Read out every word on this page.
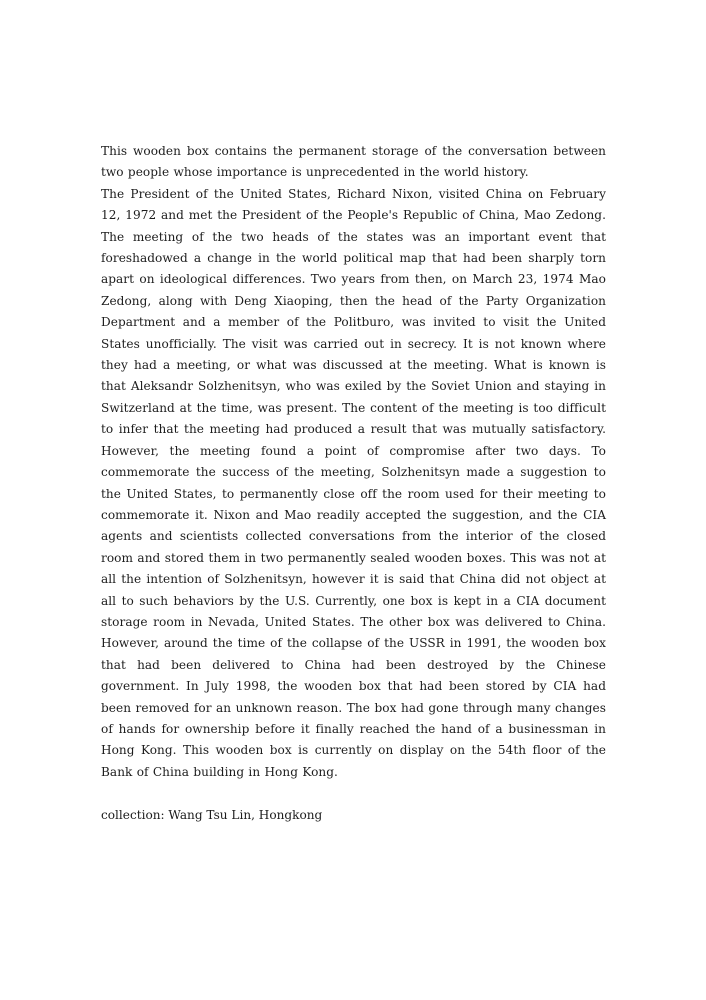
This wooden box contains the permanent storage of the conversation between two people whose importance is unprecedented in the world history.

The President of the United States, Richard Nixon, visited China on February 12, 1972 and met the President of the People's Republic of China, Mao Zedong. The meeting of the two heads of the states was an important event that foreshadowed a change in the world political map that had been sharply torn apart on ideological differences. Two years from then, on March 23, 1974 Mao Zedong, along with Deng Xiaoping, then the head of the Party Organization Department and a member of the Politburo, was invited to visit the United States unofficially. The visit was carried out in secrecy. It is not known where they had a meeting, or what was discussed at the meeting. What is known is that Aleksandr Solzhenitsyn, who was exiled by the Soviet Union and staying in Switzerland at the time, was present. The content of the meeting is too difficult to infer that the meeting had produced a result that was mutually satisfactory. However, the meeting found a point of compromise after two days. To commemorate the success of the meeting, Solzhenitsyn made a suggestion to the United States, to permanently close off the room used for their meeting to commemorate it. Nixon and Mao readily accepted the suggestion, and the CIA agents and scientists collected conversations from the interior of the closed room and stored them in two permanently sealed wooden boxes. This was not at all the intention of Solzhenitsyn, however it is said that China did not object at all to such behaviors by the U.S. Currently, one box is kept in a CIA document storage room in Nevada, United States. The other box was delivered to China. However, around the time of the collapse of the USSR in 1991, the wooden box that had been delivered to China had been destroyed by the Chinese government. In July 1998, the wooden box that had been stored by CIA had been removed for an unknown reason. The box had gone through many changes of hands for ownership before it finally reached the hand of a businessman in Hong Kong. This wooden box is currently on display on the 54th floor of the Bank of China building in Hong Kong.

collection: Wang Tsu Lin, Hongkong
